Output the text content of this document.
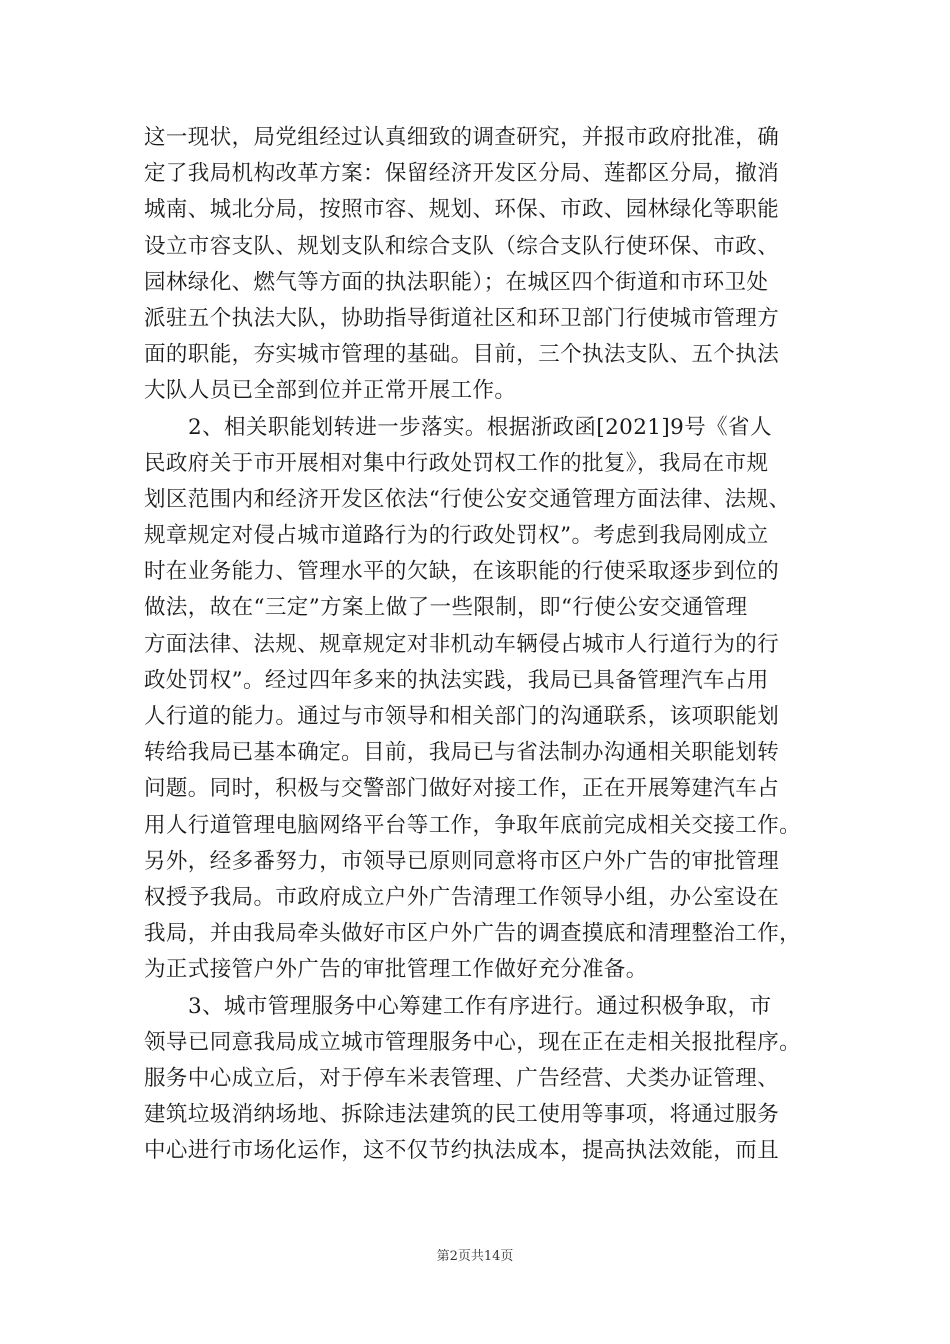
这一现状，局党组经过认真细致的调查研究，并报市政府批准，确
定了我局机构改革方案：保留经济开发区分局、莲都区分局，撤消
城南、城北分局，按照市容、规划、环保、市政、园林绿化等职能
设立市容支队、规划支队和综合支队（综合支队行使环保、市政、
园林绿化、燃气等方面的执法职能）；在城区四个街道和市环卫处
派驻五个执法大队，协助指导街道社区和环卫部门行使城市管理方
面的职能，夯实城市管理的基础。目前，三个执法支队、五个执法
大队人员已全部到位并正常开展工作。
2、相关职能划转进一步落实。根据浙政函[2021]9号《省人
民政府关于市开展相对集中行政处罚权工作的批复》，我局在市规
划区范围内和经济开发区依法“行使公安交通管理方面法律、法规、
规章规定对侵占城市道路行为的行政处罚权”。考虑到我局刚成立
时在业务能力、管理水平的欠缺，在该职能的行使采取逐步到位的
做法，故在“三定”方案上做了一些限制，即“行使公安交通管理
方面法律、法规、规章规定对非机动车辆侵占城市人行道行为的行
政处罚权”。经过四年多来的执法实践，我局已具备管理汽车占用
人行道的能力。通过与市领导和相关部门的沟通联系，该项职能划
转给我局已基本确定。目前，我局已与省法制办沟通相关职能划转
问题。同时，积极与交警部门做好对接工作，正在开展筹建汽车占
用人行道管理电脑网络平台等工作，争取年底前完成相关交接工作。
另外，经多番努力，市领导已原则同意将市区户外广告的审批管理
权授予我局。市政府成立户外广告清理工作领导小组，办公室设在
我局，并由我局牵头做好市区户外广告的调查摸底和清理整治工作，
为正式接管户外广告的审批管理工作做好充分准备。
3、城市管理服务中心筹建工作有序进行。通过积极争取，市
领导已同意我局成立城市管理服务中心，现在正在走相关报批程序。
服务中心成立后，对于停车米表管理、广告经营、犬类办证管理、
建筑垃圾消纳场地、拆除违法建筑的民工使用等事项，将通过服务
中心进行市场化运作，这不仅节约执法成本，提高执法效能，而且
第2页共14页
